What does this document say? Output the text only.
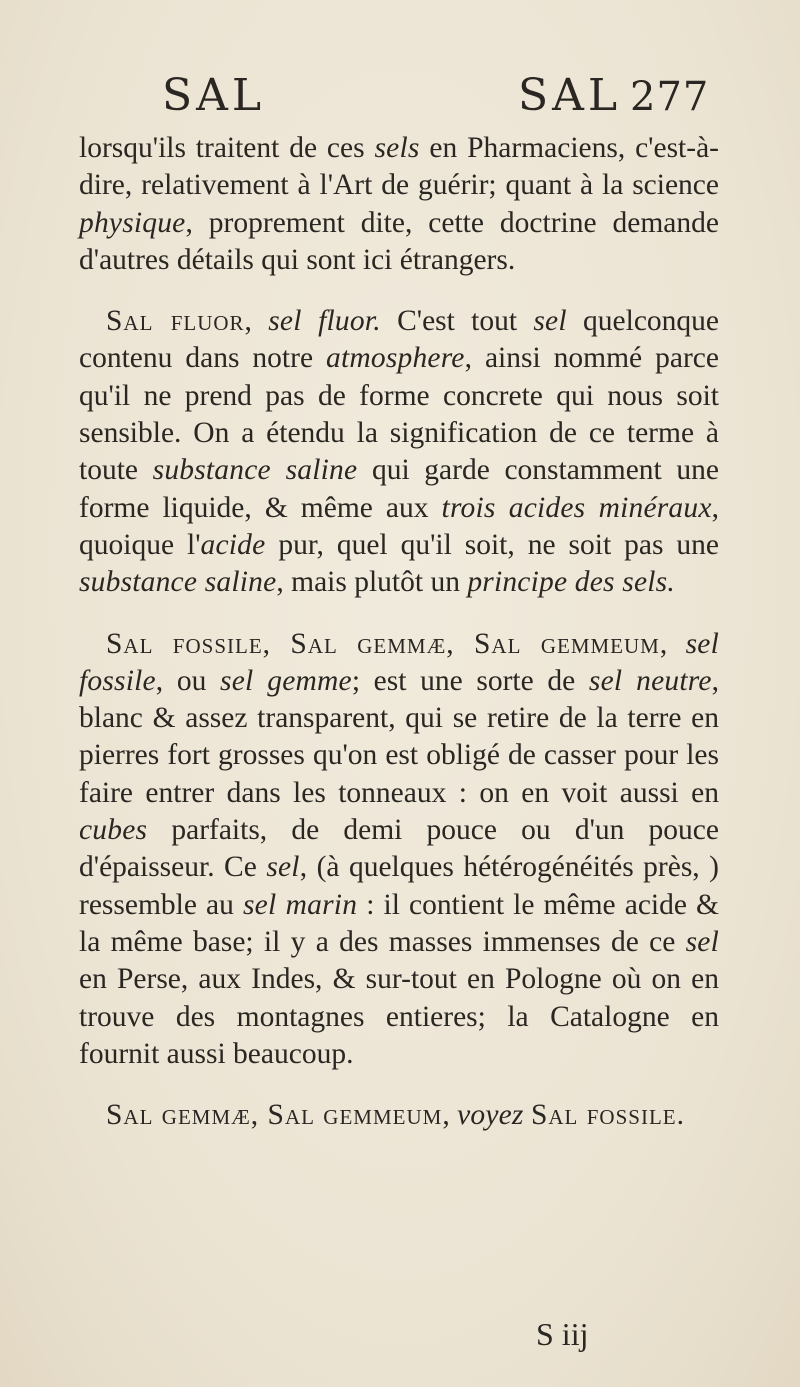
SAL	SAL 277

lorsqu'ils traitent de ces sels en Pharmaciens, c'est-à-dire, relativement à l'Art de guérir; quant à la science physique, proprement dite, cette doctrine demande d'autres détails qui sont ici étrangers.

Sal fluor, sel fluor. C'est tout sel quelconque contenu dans notre atmosphere, ainsi nommé parce qu'il ne prend pas de forme concrete qui nous soit sensible. On a étendu la signification de ce terme à toute substance saline qui garde constamment une forme liquide, & même aux trois acides minéraux, quoique l'acide pur, quel qu'il soit, ne soit pas une substance saline, mais plutôt un principe des sels.

Sal fossile, Sal gemmæ, Sal gemmeum, sel fossile, ou sel gemme; est une sorte de sel neutre, blanc & assez transparent, qui se retire de la terre en pierres fort grosses qu'on est obligé de casser pour les faire entrer dans les tonneaux : on en voit aussi en cubes parfaits, de demi pouce ou d'un pouce d'épaisseur. Ce sel, (à quelques hétérogénéités près, ) ressemble au sel marin : il contient le même acide & la même base; il y a des masses immenses de ce sel en Perse, aux Indes, & sur-tout en Pologne où on en trouve des montagnes entieres; la Catalogne en fournit aussi beaucoup.

Sal gemmæ, Sal gemmeum, voyez Sal fossile.

S iij
